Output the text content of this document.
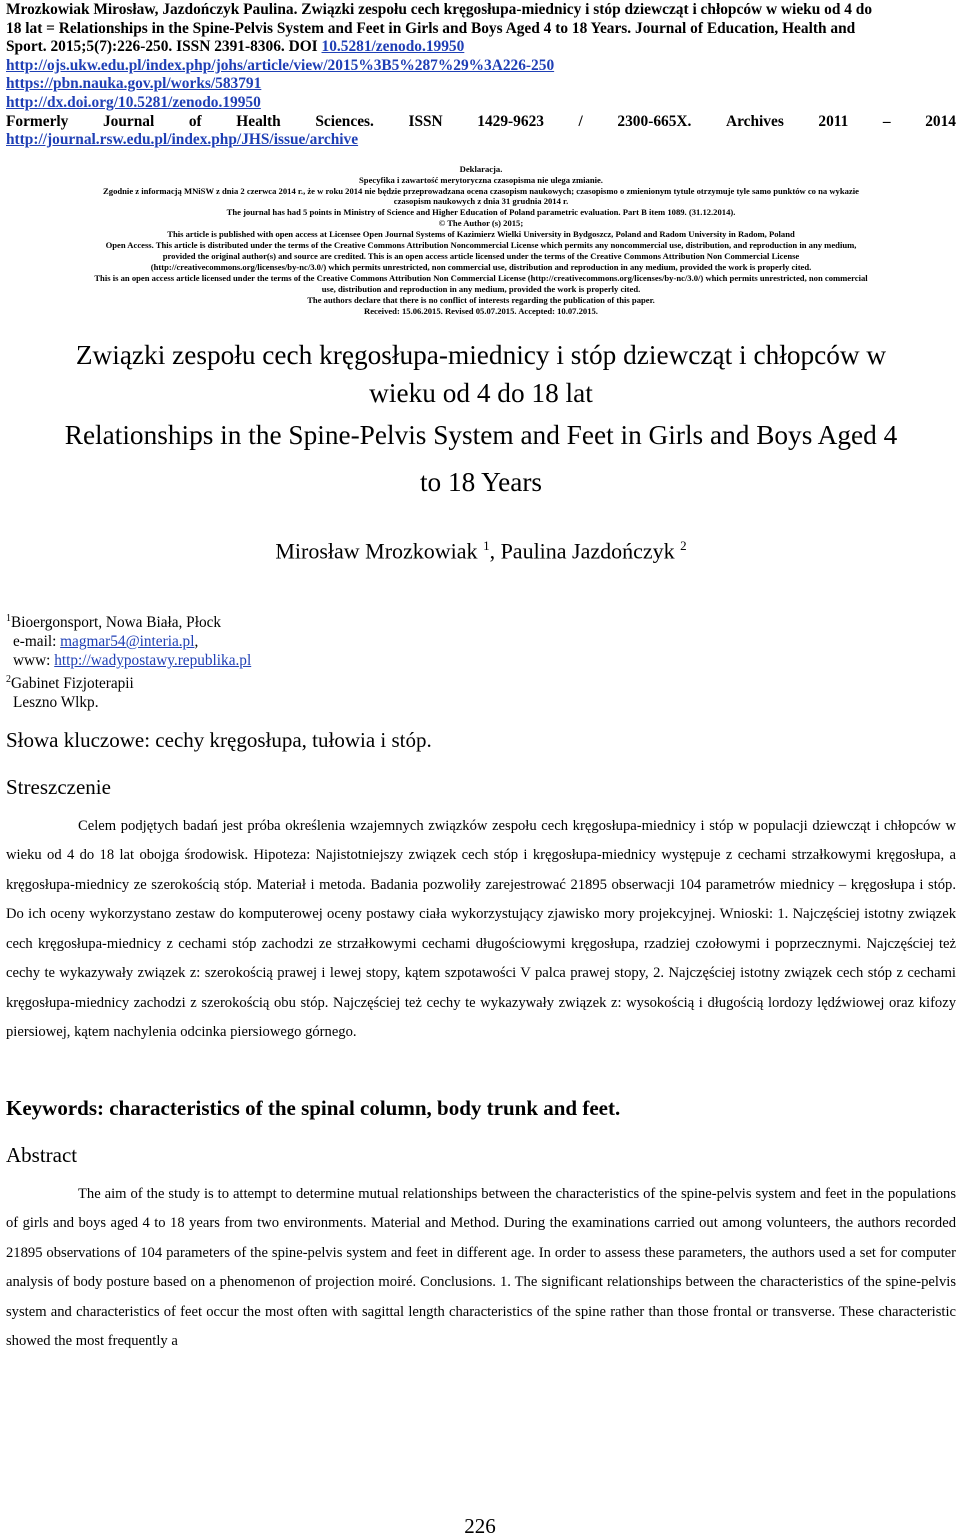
Mrozkowiak Mirosław, Jazdończyk Paulina. Związki zespołu cech kręgosłupa-miednicy i stóp dziewcząt i chłopców w wieku od 4 do
18 lat = Relationships in the Spine-Pelvis System and Feet in Girls and Boys Aged 4 to 18 Years. Journal of Education, Health and
Sport. 2015;5(7):226-250. ISSN 2391-8306. DOI 10.5281/zenodo.19950
http://ojs.ukw.edu.pl/index.php/johs/article/view/2015%3B5%287%29%3A226-250
https://pbn.nauka.gov.pl/works/583791
http://dx.doi.org/10.5281/zenodo.19950
Formerly Journal of Health Sciences. ISSN 1429-9623 / 2300-665X. Archives 2011 – 2014
http://journal.rsw.edu.pl/index.php/JHS/issue/archive
Deklaracja.
Specyfika i zawartość merytoryczna czasopisma nie ulega zmianie.
Zgodnie z informacją MNiSW z dnia 2 czerwca 2014 r., że w roku 2014 nie będzie przeprowadzana ocena czasopism naukowych; czasopismo o zmienionym tytule otrzymuje tyle samo punktów co na wykazie
czasopism naukowych z dnia 31 grudnia 2014 r.
The journal has had 5 points in Ministry of Science and Higher Education of Poland parametric evaluation. Part B item 1089. (31.12.2014).
© The Author (s) 2015;
This article is published with open access at Licensee Open Journal Systems of Kazimierz Wielki University in Bydgoszcz, Poland and Radom University in Radom, Poland
Open Access. This article is distributed under the terms of the Creative Commons Attribution Noncommercial License which permits any noncommercial use, distribution, and reproduction in any medium,
provided the original author(s) and source are credited. This is an open access article licensed under the terms of the Creative Commons Attribution Non Commercial License
(http://creativecommons.org/licenses/by-nc/3.0/) which permits unrestricted, non commercial use, distribution and reproduction in any medium, provided the work is properly cited.
This is an open access article licensed under the terms of the Creative Commons Attribution Non Commercial License (http://creativecommons.org/licenses/by-nc/3.0/) which permits unrestricted, non commercial
use, distribution and reproduction in any medium, provided the work is properly cited.
The authors declare that there is no conflict of interests regarding the publication of this paper.
Received: 15.06.2015. Revised 05.07.2015. Accepted: 10.07.2015.
Związki zespołu cech kręgosłupa-miednicy i stóp dziewcząt i chłopców w
wieku od 4 do 18 lat
Relationships in the Spine-Pelvis System and Feet in Girls and Boys Aged 4
to 18 Years
Mirosław Mrozkowiak $^1$, Paulina Jazdończyk $^2$
$^1$Bioergonsport, Nowa Biała, Płock
e-mail: magmar54@interia.pl,
www: http://wadypostawy.republika.pl
$^2$Gabinet Fizjoterapii
Leszno Wlkp.
Słowa kluczowe: cechy kręgosłupa, tułowia i stóp.
Streszczenie
Celem podjętych badań jest próba określenia wzajemnych związków zespołu cech kręgosłupa-miednicy i stóp w populacji dziewcząt i chłopców w wieku od 4 do 18 lat obojga środowisk. Hipoteza: Najistotniejszy związek cech stóp i kręgosłupa-miednicy występuje z cechami strzałkowymi kręgosłupa, a kręgosłupa-miednicy ze szerokością stóp. Materiał i metoda. Badania pozwoliły zarejestrować 21895 obserwacji 104 parametrów miednicy – kręgosłupa i stóp. Do ich oceny wykorzystano zestaw do komputerowej oceny postawy ciała wykorzystujący zjawisko mory projekcyjnej. Wnioski: 1. Najczęściej istotny związek cech kręgosłupa-miednicy z cechami stóp zachodzi ze strzałkowymi cechami długościowymi kręgosłupa, rzadziej czołowymi i poprzecznymi. Najczęściej też cechy te wykazywały związek z: szerokością prawej i lewej stopy, kątem szpotawości V palca prawej stopy, 2. Najczęściej istotny związek cech stóp z cechami kręgosłupa-miednicy zachodzi z szerokością obu stóp. Najczęściej też cechy te wykazywały związek z: wysokością i długością lordozy lędźwiowej oraz kifozy piersiowej, kątem nachylenia odcinka piersiowego górnego.
Keywords: characteristics of the spinal column, body trunk and feet.
Abstract
The aim of the study is to attempt to determine mutual relationships between the characteristics of the spine-pelvis system and feet in the populations of girls and boys aged 4 to 18 years from two environments. Material and Method. During the examinations carried out among volunteers, the authors recorded 21895 observations of 104 parameters of the spine-pelvis system and feet in different age. In order to assess these parameters, the authors used a set for computer analysis of body posture based on a phenomenon of projection moiré. Conclusions. 1. The significant relationships between the characteristics of the spine-pelvis system and characteristics of feet occur the most often with sagittal length characteristics of the spine rather than those frontal or transverse. These characteristic showed the most frequently a
226
